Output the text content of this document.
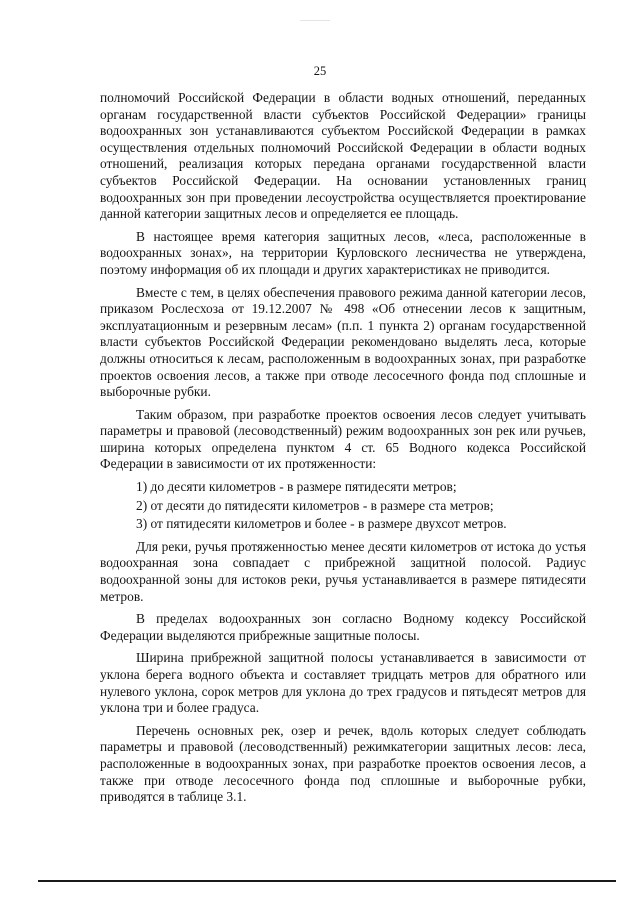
25

полномочий Российской Федерации в области водных отношений, переданных органам государственной власти субъектов Российской Федерации» границы водоохранных зон устанавливаются субъектом Российской Федерации в рамках осуществления отдельных полномочий Российской Федерации в области водных отношений, реализация которых передана органами государственной власти субъектов Российской Федерации. На основании установленных границ водоохранных зон при проведении лесоустройства осуществляется проектирование данной категории защитных лесов и определяется ее площадь.

В настоящее время категория защитных лесов, «леса, расположенные в водоохранных зонах», на территории Курловского лесничества не утверждена, поэтому информация об их площади и других характеристиках не приводится.

Вместе с тем, в целях обеспечения правового режима данной категории лесов, приказом Рослесхоза от 19.12.2007 № 498 «Об отнесении лесов к защитным, эксплуатационным и резервным лесам» (п.п. 1 пункта 2) органам государственной власти субъектов Российской Федерации рекомендовано выделять леса, которые должны относиться к лесам, расположенным в водоохранных зонах, при разработке проектов освоения лесов, а также при отводе лесосечного фонда под сплошные и выборочные рубки.

Таким образом, при разработке проектов освоения лесов следует учитывать параметры и правовой (лесоводственный) режим водоохранных зон рек или ручьев, ширина которых определена пунктом 4 ст. 65 Водного кодекса Российской Федерации в зависимости от их протяженности:

1) до десяти километров - в размере пятидесяти метров;
2) от десяти до пятидесяти километров - в размере ста метров;
3) от пятидесяти километров и более - в размере двухсот метров.

Для реки, ручья протяженностью менее десяти километров от истока до устья водоохранная зона совпадает с прибрежной защитной полосой. Радиус водоохранной зоны для истоков реки, ручья устанавливается в размере пятидесяти метров.

В пределах водоохранных зон согласно Водному кодексу Российской Федерации выделяются прибрежные защитные полосы.

Ширина прибрежной защитной полосы устанавливается в зависимости от уклона берега водного объекта и составляет тридцать метров для обратного или нулевого уклона, сорок метров для уклона до трех градусов и пятьдесят метров для уклона три и более градуса.

Перечень основных рек, озер и речек, вдоль которых следует соблюдать параметры и правовой (лесоводственный) режимкатегории защитных лесов: леса, расположенные в водоохранных зонах, при разработке проектов освоения лесов, а также при отводе лесосечного фонда под сплошные и выборочные рубки, приводятся в таблице 3.1.
